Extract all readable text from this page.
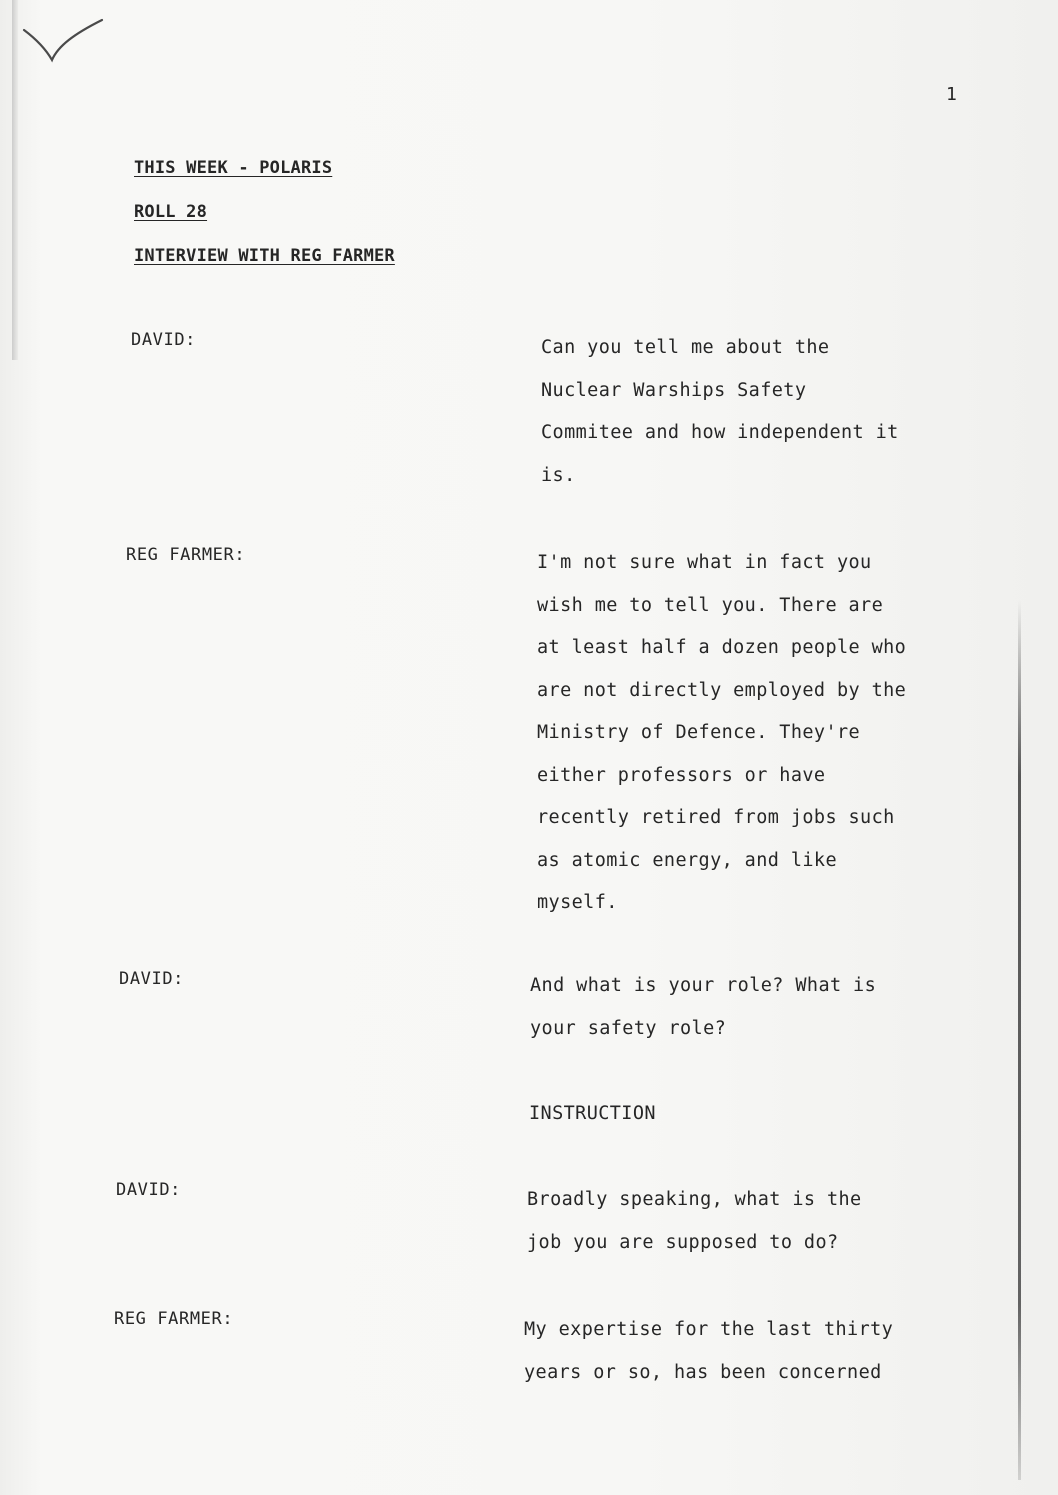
1
THIS WEEK - POLARIS
ROLL 28
INTERVIEW WITH REG FARMER
DAVID:	Can you tell me about the
Nuclear Warships Safety
Commitee and how independent it
is.
REG FARMER:	I'm not sure what in fact you
wish me to tell you. There are
at least half a dozen people who
are not directly employed by the
Ministry of Defence. They're
either professors or have
recently retired from jobs such
as atomic energy, and like
myself.
DAVID:	And what is your role? What is
your safety role?
INSTRUCTION
DAVID:	Broadly speaking, what is the
job you are supposed to do?
REG FARMER:	My expertise for the last thirty
years or so, has been concerned
